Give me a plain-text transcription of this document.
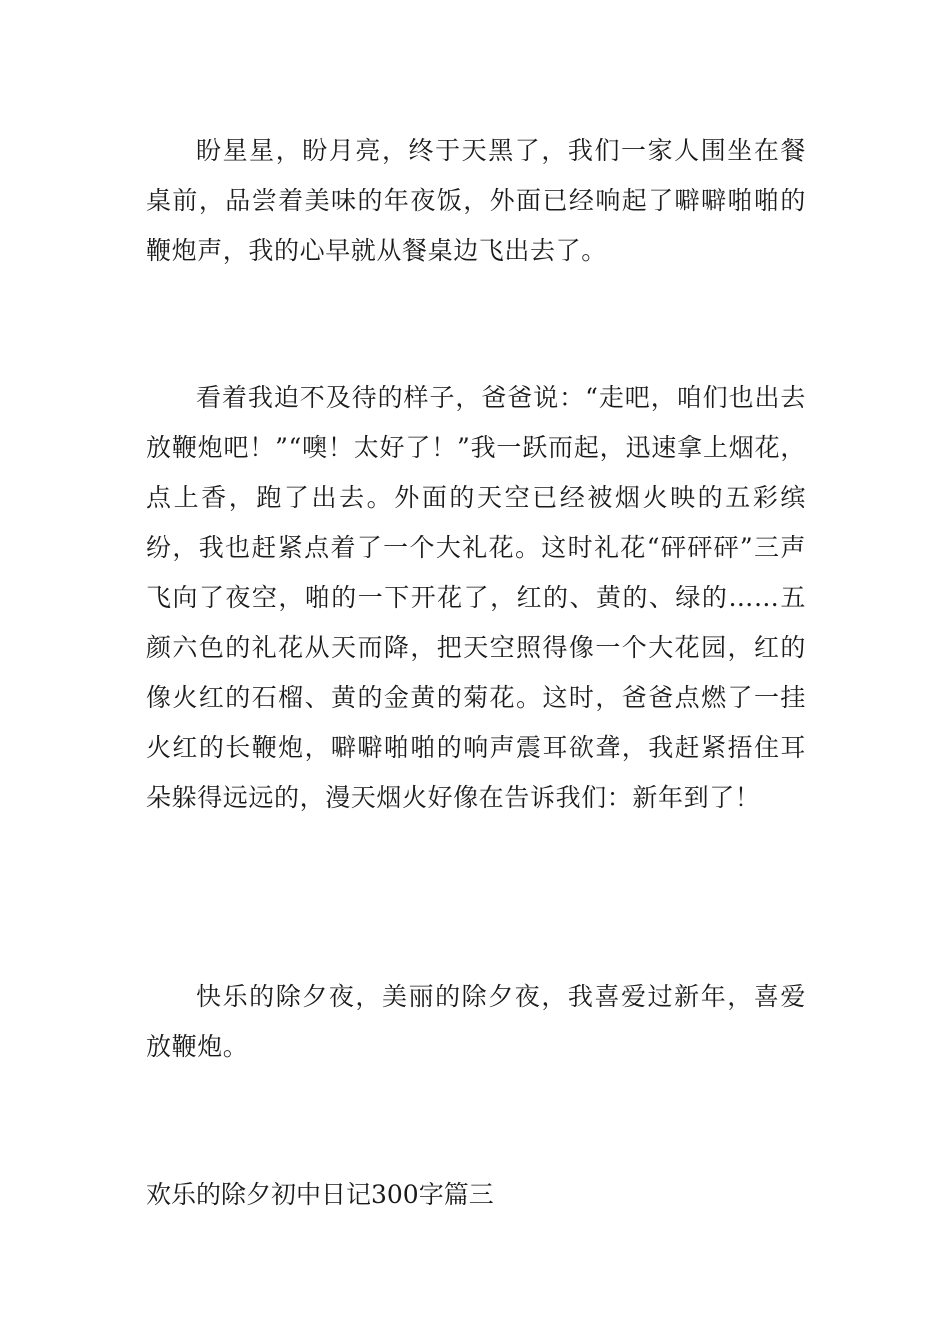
盼星星，盼月亮，终于天黑了，我们一家人围坐在餐桌前，品尝着美味的年夜饭，外面已经响起了噼噼啪啪的鞭炮声，我的心早就从餐桌边飞出去了。

看着我迫不及待的样子，爸爸说：“走吧，咱们也出去放鞭炮吧！”“噢！太好了！”我一跃而起，迅速拿上烟花，点上香，跑了出去。外面的天空已经被烟火映的五彩缤纷，我也赶紧点着了一个大礼花。这时礼花“砰砰砰”三声飞向了夜空，啪的一下开花了，红的、黄的、绿的……五颜六色的礼花从天而降，把天空照得像一个大花园，红的像火红的石榴、黄的金黄的菊花。这时，爸爸点燃了一挂火红的长鞭炮，噼噼啪啪的响声震耳欲聋，我赶紧捂住耳朵躲得远远的，漫天烟火好像在告诉我们：新年到了！

快乐的除夕夜，美丽的除夕夜，我喜爱过新年，喜爱放鞭炮。

欢乐的除夕初中日记300字篇三
